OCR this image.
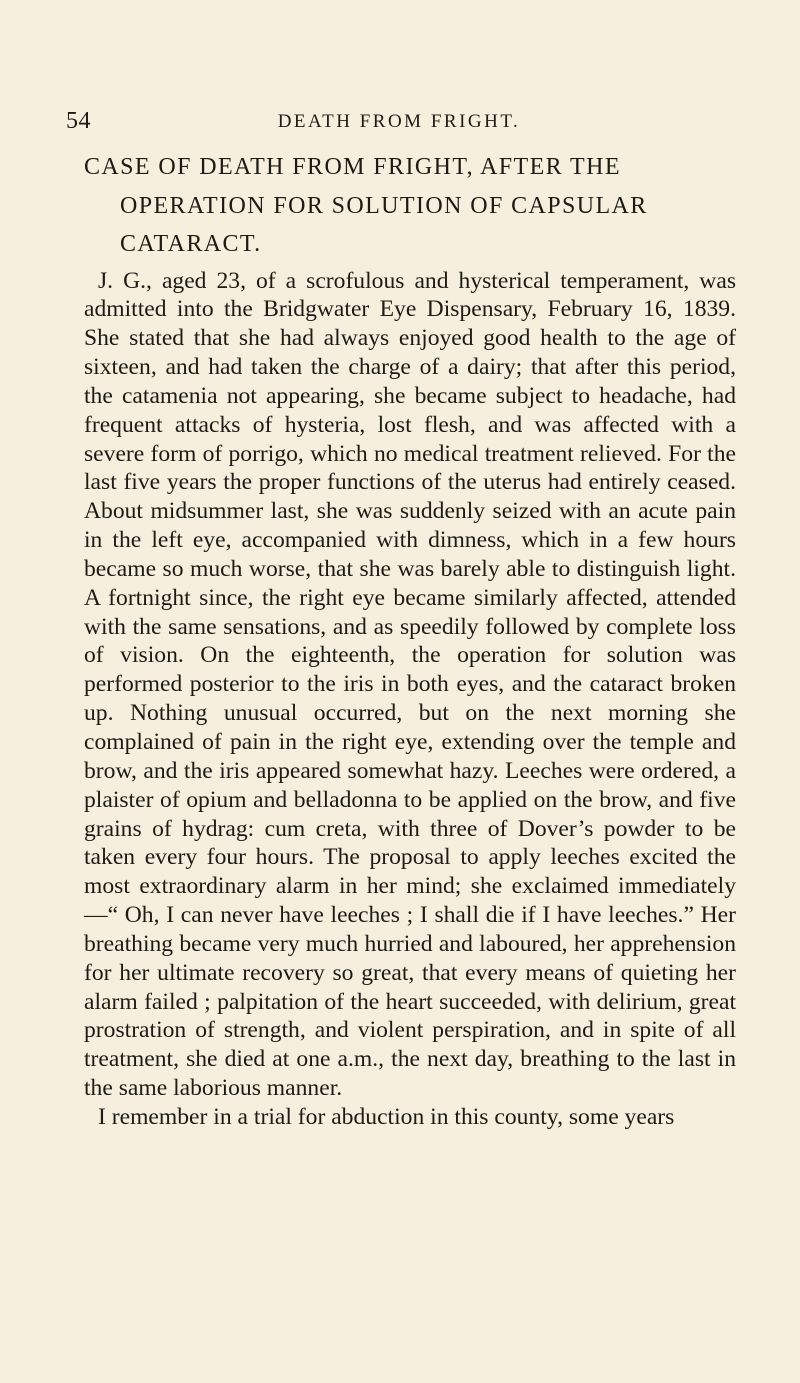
54	DEATH FROM FRIGHT.
CASE OF DEATH FROM FRIGHT, AFTER THE OPERATION FOR SOLUTION OF CAPSULAR CATARACT.

J. G., aged 23, of a scrofulous and hysterical temperament, was admitted into the Bridgwater Eye Dispensary, February 16, 1839. She stated that she had always enjoyed good health to the age of sixteen, and had taken the charge of a dairy; that after this period, the catamenia not appearing, she became subject to headache, had frequent attacks of hysteria, lost flesh, and was affected with a severe form of porrigo, which no medical treatment relieved. For the last five years the proper functions of the uterus had entirely ceased. About midsummer last, she was suddenly seized with an acute pain in the left eye, accompanied with dimness, which in a few hours became so much worse, that she was barely able to distinguish light. A fortnight since, the right eye became similarly affected, attended with the same sensations, and as speedily followed by complete loss of vision. On the eighteenth, the operation for solution was performed posterior to the iris in both eyes, and the cataract broken up. Nothing unusual occurred, but on the next morning she complained of pain in the right eye, extending over the temple and brow, and the iris appeared somewhat hazy. Leeches were ordered, a plaister of opium and belladonna to be applied on the brow, and five grains of hydrag: cum creta, with three of Dover’s powder to be taken every four hours. The proposal to apply leeches excited the most extraordinary alarm in her mind; she exclaimed immediately—“ Oh, I can never have leeches ; I shall die if I have leeches.” Her breathing became very much hurried and laboured, her apprehension for her ultimate recovery so great, that every means of quieting her alarm failed ; palpitation of the heart succeeded, with delirium, great prostration of strength, and violent perspiration, and in spite of all treatment, she died at one a.m., the next day, breathing to the last in the same laborious manner.

I remember in a trial for abduction in this county, some years
